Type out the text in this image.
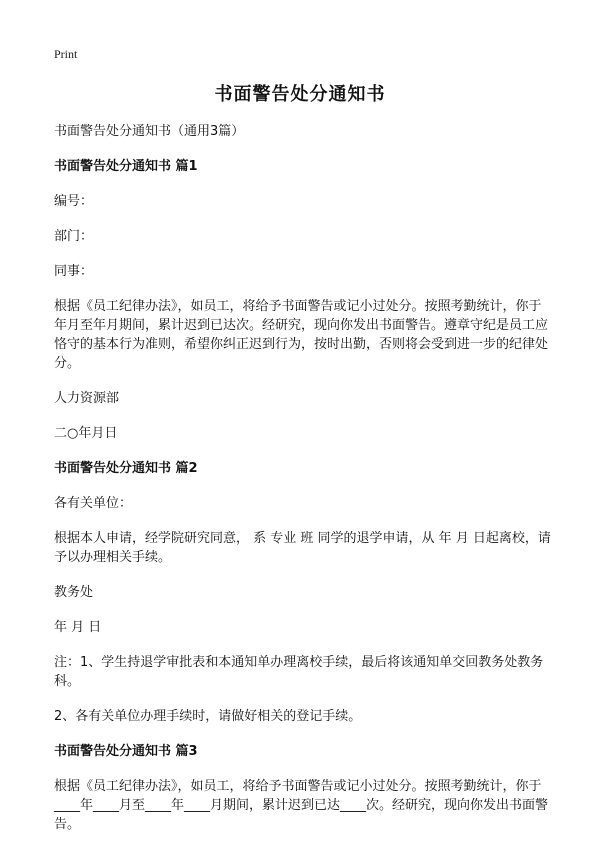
Print
书面警告处分通知书

书面警告处分通知书（通用3篇）

书面警告处分通知书 篇1

编号：

部门：

同事：

根据《员工纪律办法》，如员工，将给予书面警告或记小过处分。按照考勤统计，你于年月至年月期间，累计迟到已达次。经研究，现向你发出书面警告。遵章守纪是员工应恪守的基本行为准则，希望你纠正迟到行为，按时出勤，否则将会受到进一步的纪律处分。

人力资源部

二○年月日

书面警告处分通知书 篇2

各有关单位：

根据本人申请，经学院研究同意， 系 专业 班 同学的退学申请，从 年 月 日起离校，请予以办理相关手续。

教务处

年 月 日

注：1、学生持退学审批表和本通知单办理离校手续，最后将该通知单交回教务处教务科。

2、各有关单位办理手续时，请做好相关的登记手续。

书面警告处分通知书 篇3

根据《员工纪律办法》，如员工，将给予书面警告或记小过处分。按照考勤统计，你于____年____月至____年____月期间，累计迟到已达____次。经研究，现向你发出书面警告。
